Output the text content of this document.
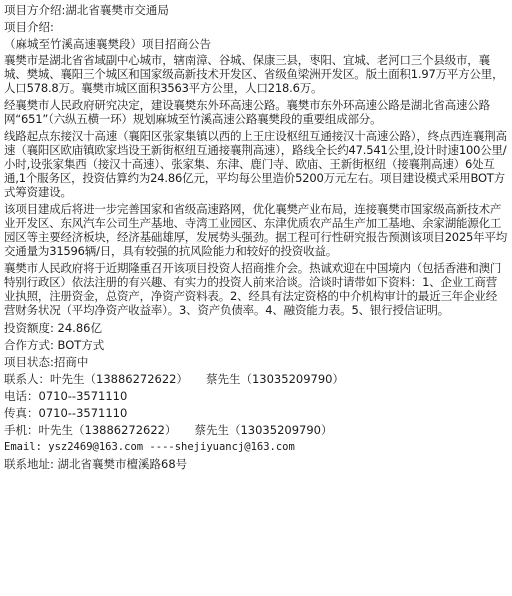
项目方介绍:湖北省襄樊市交通局
项目介绍:
（麻城至竹溪高速襄樊段）项目招商公告
襄樊市是湖北省省域副中心城市，辖南漳、谷城、保康三县，枣阳、宜城、老河口三个县级市，襄城、樊城、襄阳三个城区和国家级高新技术开发区、省级鱼梁洲开发区。版土面积1.97万平方公里，人口578.8万。襄樊市城区面积3563平方公里，人口218.6万。
经襄樊市人民政府研究决定，建设襄樊东外环高速公路。襄樊市东外环高速公路是湖北省高速公路网“651”（六纵五横一环）规划麻城至竹溪高速公路襄樊段的重要组成部分。
线路起点东接汉十高速（襄阳区张家集镇以西的上王庄设枢纽互通接汉十高速公路），终点西连襄荆高速（襄阳区欧庙镇欧家垱设王新街枢纽互通接襄荆高速），路线全长约47.541公里,设计时速100公里/小时,设张家集西（接汉十高速）、张家集、东津、鹿门寺、欧庙、王新街枢纽（接襄荆高速）6处互通,1个服务区，投资估算约为24.86亿元，平均每公里造价5200万元左右。项目建设模式采用BOT方式筹资建设。
该项目建成后将进一步完善国家和省级高速路网，优化襄樊产业布局，连接襄樊市国家级高新技术产业开发区、东风汽车公司生产基地、寺湾工业园区、东津优质农产品生产加工基地、余家湖能源化工园区等主要经济板块，经济基础雄厚，发展势头强劲。据工程可行性研究报告预测该项目2025年平均交通量为31596辆/日，具有较强的抗风险能力和较好的投资收益。
襄樊市人民政府将于近期隆重召开该项目投资人招商推介会。热诚欢迎在中国境内（包括香港和澳门特别行政区）依法注册的有兴趣、有实力的投资人前来洽谈。洽谈时请带如下资料：1、企业工商营业执照，注册资金，总资产，净资产资料表。2、经具有法定资格的中介机构审计的最近三年企业经营财务状况（平均净资产收益率）。3、资产负债率。4、融资能力表。5、银行授信证明。
投资额度: 24.86亿
合作方式: BOT方式
项目状态:招商中
联系人：叶先生（13886272622） 蔡先生（13035209790）
电话：0710--3571110
传真：0710--3571110
手机：叶先生（13886272622） 蔡先生（13035209790）
Email: ysz2469@163.com ----shejiyuancj@163.com
联系地址: 湖北省襄樊市檀溪路68号
